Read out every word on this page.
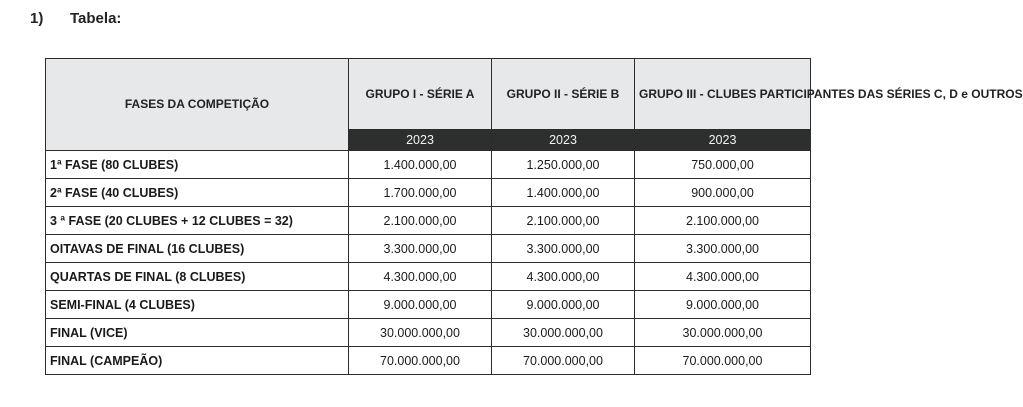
1) Tabela:
FASES DA COMPETIÇÃO	GRUPO I - SÉRIE A	GRUPO II - SÉRIE B	GRUPO III - CLUBES PARTICIPANTES DAS SÉRIES C, D e OUTROS
	2023	2023	2023
1ª FASE (80 CLUBES)	1.400.000,00	1.250.000,00	750.000,00
2ª FASE (40 CLUBES)	1.700.000,00	1.400.000,00	900.000,00
3 ª FASE (20 CLUBES + 12 CLUBES = 32)	2.100.000,00	2.100.000,00	2.100.000,00
OITAVAS DE FINAL (16 CLUBES)	3.300.000,00	3.300.000,00	3.300.000,00
QUARTAS DE FINAL (8 CLUBES)	4.300.000,00	4.300.000,00	4.300.000,00
SEMI-FINAL (4 CLUBES)	9.000.000,00	9.000.000,00	9.000.000,00
FINAL (VICE)	30.000.000,00	30.000.000,00	30.000.000,00
FINAL (CAMPEÃO)	70.000.000,00	70.000.000,00	70.000.000,00
